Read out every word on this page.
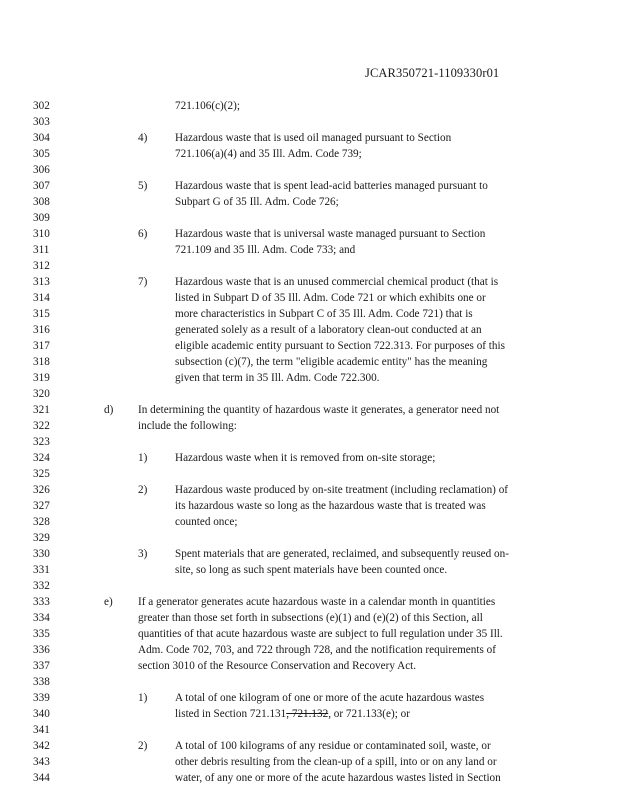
JCAR350721-1109330r01
302
303
304
305
306
307
308
309
310
311
312
313
314
315
316
317
318
319
320
321
322
323
324
325
326
327
328
329
330
331
332
333
334
335
336
337
338
339
340
341
342
343
344
721.106(c)(2);
4) Hazardous waste that is used oil managed pursuant to Section
721.106(a)(4) and 35 Ill. Adm. Code 739;
5) Hazardous waste that is spent lead-acid batteries managed pursuant to
Subpart G of 35 Ill. Adm. Code 726;
6) Hazardous waste that is universal waste managed pursuant to Section
721.109 and 35 Ill. Adm. Code 733; and
7) Hazardous waste that is an unused commercial chemical product (that is
listed in Subpart D of 35 Ill. Adm. Code 721 or which exhibits one or
more characteristics in Subpart C of 35 Ill. Adm. Code 721) that is
generated solely as a result of a laboratory clean-out conducted at an
eligible academic entity pursuant to Section 722.313. For purposes of this
subsection (c)(7), the term "eligible academic entity" has the meaning
given that term in 35 Ill. Adm. Code 722.300.
d) In determining the quantity of hazardous waste it generates, a generator need not
include the following:
1) Hazardous waste when it is removed from on-site storage;
2) Hazardous waste produced by on-site treatment (including reclamation) of
its hazardous waste so long as the hazardous waste that is treated was
counted once;
3) Spent materials that are generated, reclaimed, and subsequently reused on-
site, so long as such spent materials have been counted once.
e) If a generator generates acute hazardous waste in a calendar month in quantities
greater than those set forth in subsections (e)(1) and (e)(2) of this Section, all
quantities of that acute hazardous waste are subject to full regulation under 35 Ill.
Adm. Code 702, 703, and 722 through 728, and the notification requirements of
section 3010 of the Resource Conservation and Recovery Act.
1) A total of one kilogram of one or more of the acute hazardous wastes
listed in Section 721.131, 721.132, or 721.133(e); or
2) A total of 100 kilograms of any residue or contaminated soil, waste, or
other debris resulting from the clean-up of a spill, into or on any land or
water, of any one or more of the acute hazardous wastes listed in Section
